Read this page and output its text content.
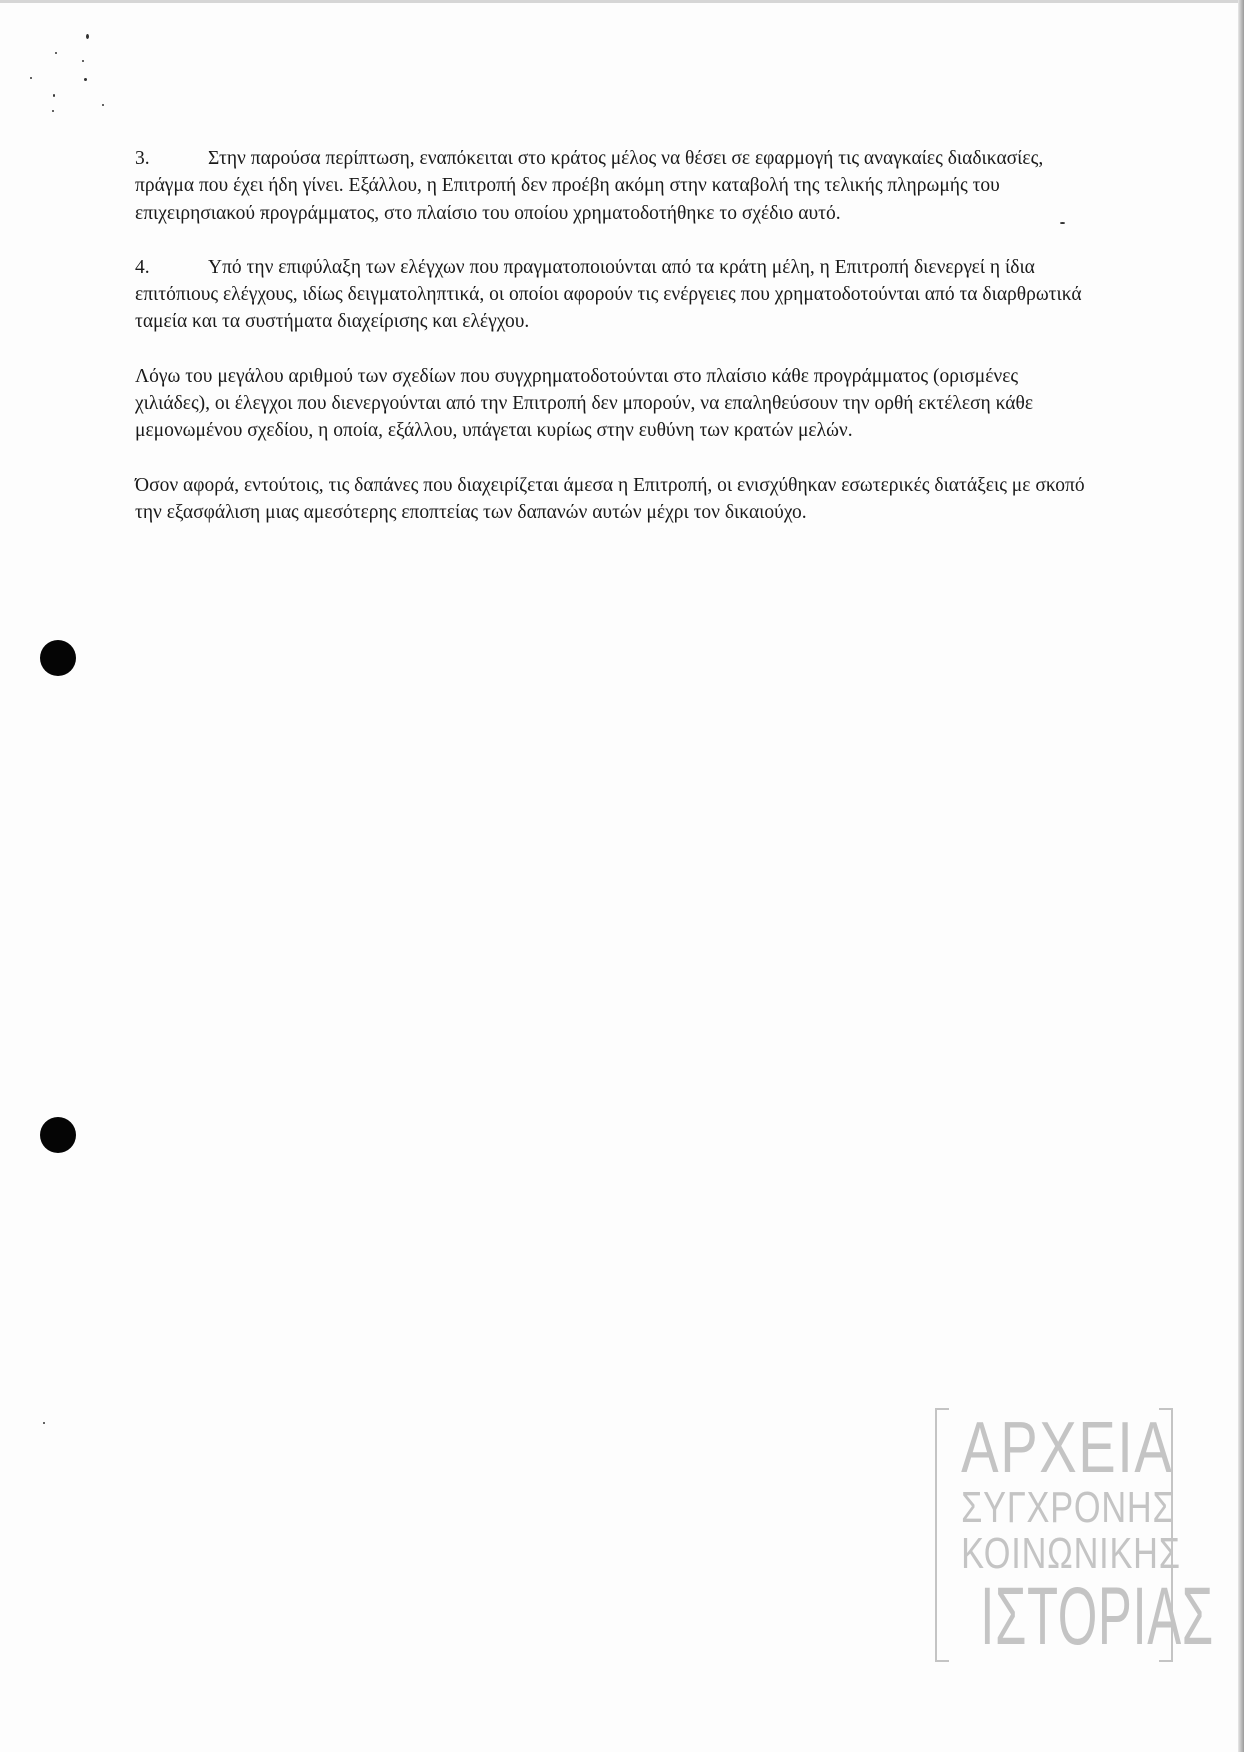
3.	Στην παρούσα περίπτωση, εναπόκειται στο κράτος μέλος να θέσει σε εφαρμογή τις αναγκαίες διαδικασίες, πράγμα που έχει ήδη γίνει. Εξάλλου, η Επιτροπή δεν προέβη ακόμη στην καταβολή της τελικής πληρωμής του επιχειρησιακού προγράμματος, στο πλαίσιο του οποίου χρηματοδοτήθηκε το σχέδιο αυτό.

4.	Υπό την επιφύλαξη των ελέγχων που πραγματοποιούνται από τα κράτη μέλη, η Επιτροπή διενεργεί η ίδια επιτόπιους ελέγχους, ιδίως δειγματοληπτικά, οι οποίοι αφορούν τις ενέργειες που χρηματοδοτούνται από τα διαρθρωτικά ταμεία και τα συστήματα διαχείρισης και ελέγχου.

Λόγω του μεγάλου αριθμού των σχεδίων που συγχρηματοδοτούνται στο πλαίσιο κάθε προγράμματος (ορισμένες χιλιάδες), οι έλεγχοι που διενεργούνται από την Επιτροπή δεν μπορούν, να επαληθεύσουν την ορθή εκτέλεση κάθε μεμονωμένου σχεδίου, η οποία, εξάλλου, υπάγεται κυρίως στην ευθύνη των κρατών μελών.

Όσον αφορά, εντούτοις, τις δαπάνες που διαχειρίζεται άμεσα η Επιτροπή, οι ενισχύθηκαν εσωτερικές διατάξεις με σκοπό την εξασφάλιση μιας αμεσότερης εποπτείας των δαπανών αυτών μέχρι τον δικαιούχο.

ΑΡΧΕΙΑ
ΣΥΓΧΡΟΝΗΣ
ΚΟΙΝΩΝΙΚΗΣ
ΙΣΤΟΡΙΑΣ
